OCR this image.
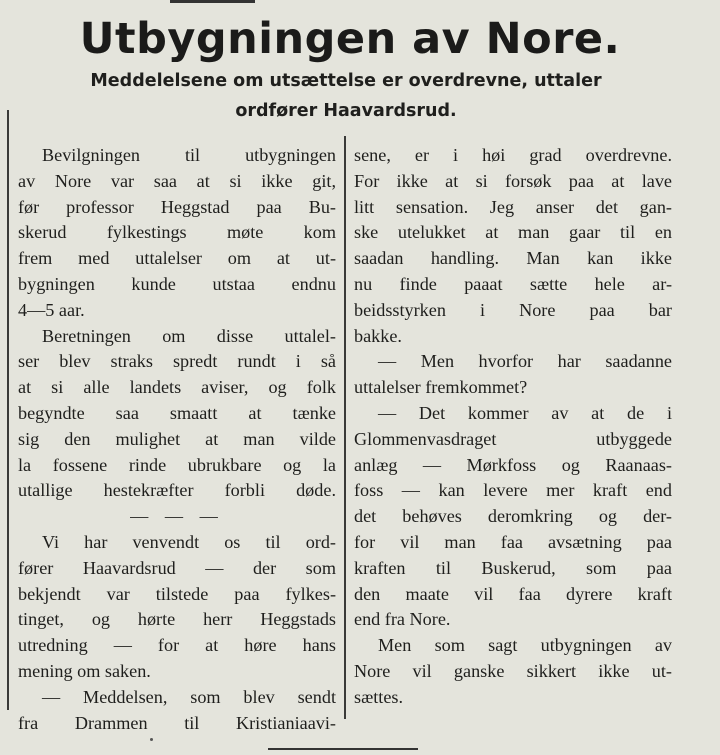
Utbygningen av Nore.
Meddelelsene om utsættelse er overdrevne, uttaler
ordfører Haavardsrud.
Bevilgningen til utbygningen
av Nore var saa at si ikke git,
før professor Heggstad paa Bu-
skerud fylkestings møte kom
frem med uttalelser om at ut-
bygningen kunde utstaa endnu
4—5 aar.
Beretningen om disse uttalel-
ser blev straks spredt rundt i så
at si alle landets aviser, og folk
begyndte saa smaatt at tænke
sig den mulighet at man vilde
la fossene rinde ubrukbare og la
utallige hestekræfter forbli døde.
— — —
Vi har venvendt os til ord-
fører Haavardsrud — der som
bekjendt var tilstede paa fylkes-
tinget, og hørte herr Heggstads
utredning — for at høre hans
mening om saken.
— Meddelsen, som blev sendt
fra Drammen til Kristianiaavi-
sene, er i høi grad overdrevne.
For ikke at si forsøk paa at lave
litt sensation. Jeg anser det gan-
ske utelukket at man gaar til en
saadan handling. Man kan ikke
nu finde paaat sætte hele ar-
beidsstyrken i Nore paa bar
bakke.
— Men hvorfor har saadanne
uttalelser fremkommet?
— Det kommer av at de i
Glommenvasdraget utbyggede
anlæg — Mørkfoss og Raanaas-
foss — kan levere mer kraft end
det behøves deromkring og der-
for vil man faa avsætning paa
kraften til Buskerud, som paa
den maate vil faa dyrere kraft
end fra Nore.
Men som sagt utbygningen av
Nore vil ganske sikkert ikke ut-
sættes.
